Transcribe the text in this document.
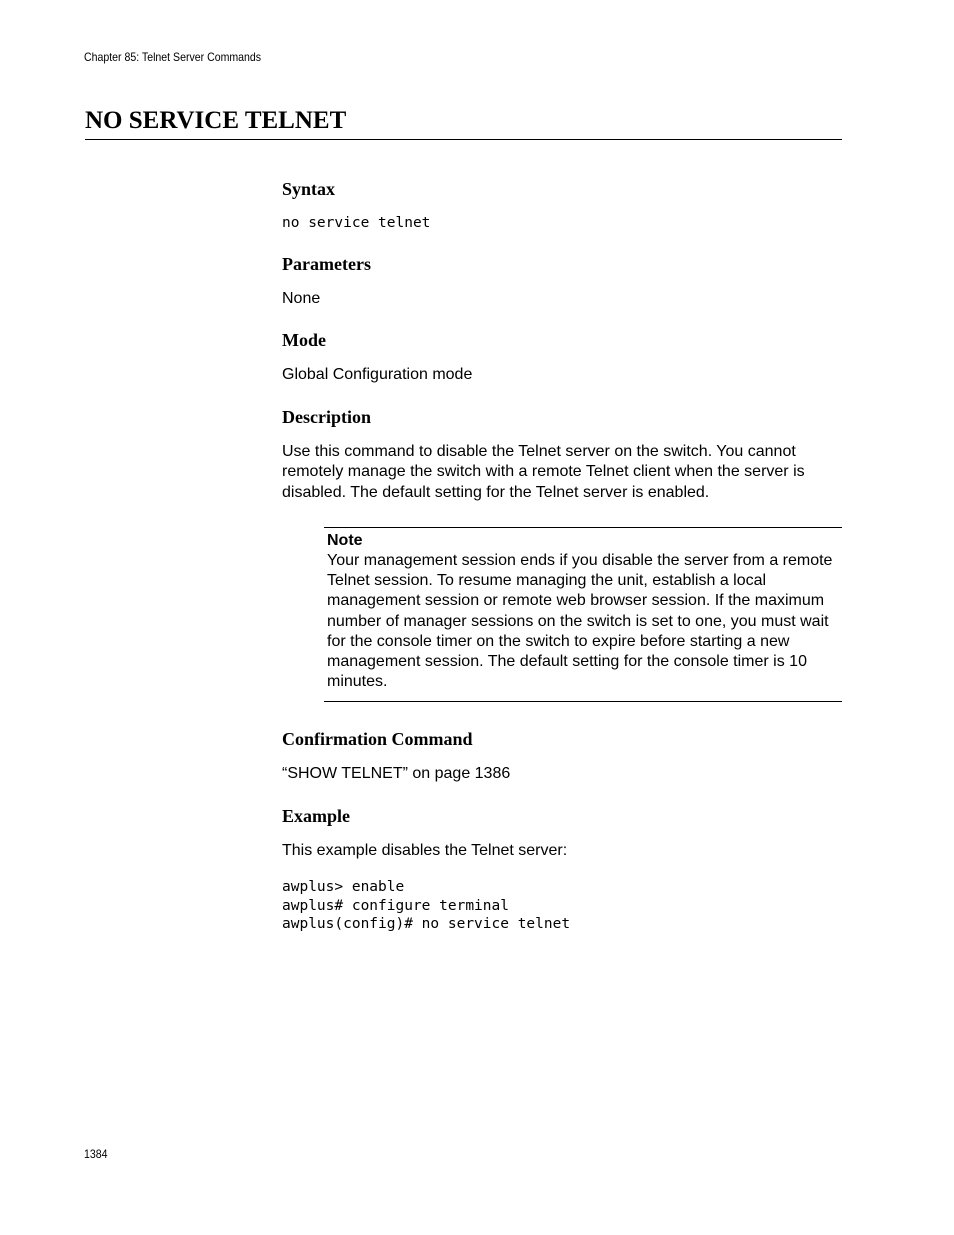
Chapter 85: Telnet Server Commands
NO SERVICE TELNET
Syntax
no service telnet
Parameters

None

Mode

Global Configuration mode

Description

Use this command to disable the Telnet server on the switch. You cannot remotely manage the switch with a remote Telnet client when the server is disabled. The default setting for the Telnet server is enabled.

Note

Your management session ends if you disable the server from a remote Telnet session. To resume managing the unit, establish a local management session or remote web browser session. If the maximum number of manager sessions on the switch is set to one, you must wait for the console timer on the switch to expire before starting a new management session. The default setting for the console timer is 10 minutes.

Confirmation Command

“SHOW TELNET” on page 1386

Example

This example disables the Telnet server:

awplus> enable
awplus# configure terminal
awplus(config)# no service telnet
1384
